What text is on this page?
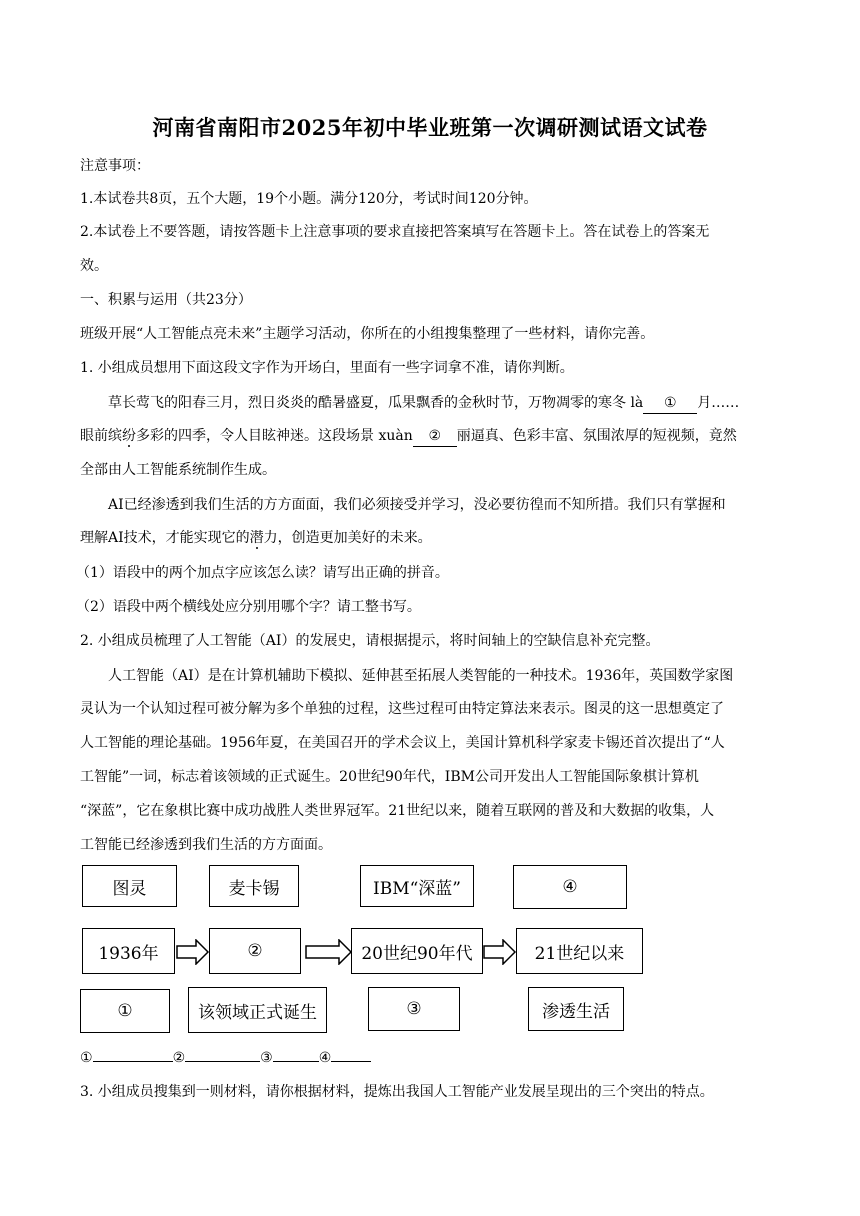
河南省南阳市2025年初中毕业班第一次调研测试语文试卷
注意事项：
1.本试卷共8页，五个大题，19个小题。满分120分，考试时间120分钟。
2.本试卷上不要答题，请按答题卡上注意事项的要求直接把答案填写在答题卡上。答在试卷上的答案无
效。
一、积累与运用（共23分）
班级开展“人工智能点亮未来”主题学习活动，你所在的小组搜集整理了一些材料，请你完善。
1. 小组成员想用下面这段文字作为开场白，里面有一些字词拿不准，请你判断。
草长莺飞的阳春三月，烈日炎炎的酷暑盛夏，瓜果飘香的金秋时节，万物凋零的寒冬 là ① 月……
眼前缤纷多彩的四季，令人目眩神迷。这段场景 xuàn ② 丽逼真、色彩丰富、氛围浓厚的短视频，竟然
全部由人工智能系统制作生成。
AI已经渗透到我们生活的方方面面，我们必须接受并学习，没必要彷徨而不知所措。我们只有掌握和
理解AI技术，才能实现它的潜力，创造更加美好的未来。
（1）语段中的两个加点字应该怎么读？请写出正确的拼音。
（2）语段中两个横线处应分别用哪个字？请工整书写。
2. 小组成员梳理了人工智能（AI）的发展史，请根据提示，将时间轴上的空缺信息补充完整。
人工智能（AI）是在计算机辅助下模拟、延伸甚至拓展人类智能的一种技术。1936年，英国数学家图
灵认为一个认知过程可被分解为多个单独的过程，这些过程可由特定算法来表示。图灵的这一思想奠定了
人工智能的理论基础。1956年夏，在美国召开的学术会议上，美国计算机科学家麦卡锡还首次提出了“人
工智能”一词，标志着该领域的正式诞生。20世纪90年代，IBM公司开发出人工智能国际象棋计算机
“深蓝”，它在象棋比赛中成功战胜人类世界冠军。21世纪以来，随着互联网的普及和大数据的收集，人
工智能已经渗透到我们生活的方方面面。
图灵	麦卡锡	IBM“深蓝”	④
1936年	②	20世纪90年代	21世纪以来
①	该领域正式诞生	③	渗透生活
①	②	③	④
3. 小组成员搜集到一则材料，请你根据材料，提炼出我国人工智能产业发展呈现出的三个突出的特点。
